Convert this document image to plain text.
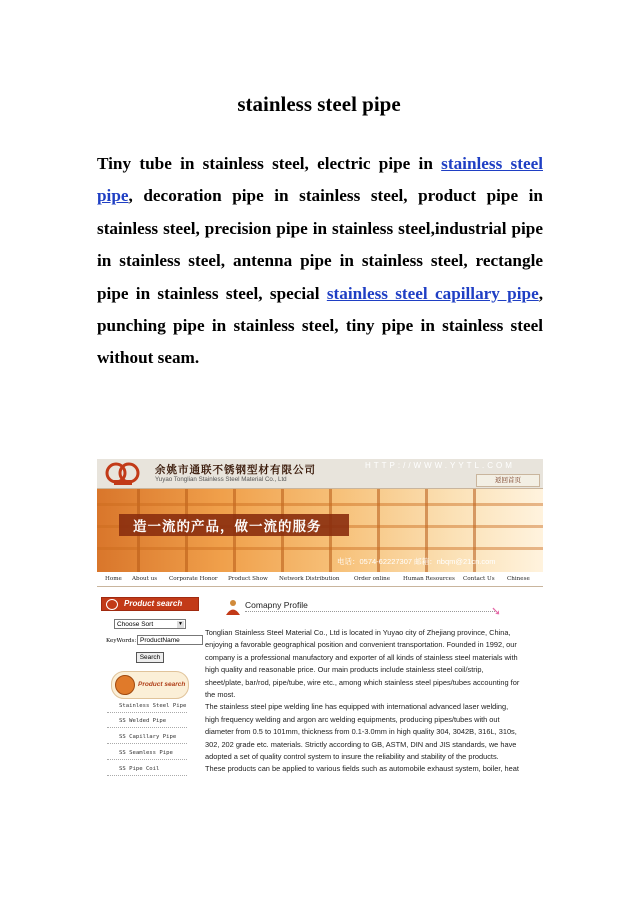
stainless steel pipe
Tiny tube in stainless steel, electric pipe in stainless steel pipe, decoration pipe in stainless steel, product pipe in stainless steel, precision pipe in stainless steel,industrial pipe in stainless steel, antenna pipe in stainless steel, rectangle pipe in stainless steel, special stainless steel capillary pipe, punching pipe in stainless steel, tiny pipe in stainless steel without seam.
余姚市通联不锈钢型材有限公司
Yuyao Tonglian Stainless Steel Material Co., Ltd
HTTP://WWW.YYTL.COM
返回首页
造一流的产品，做一流的服务
电话：0574-62227307 邮箱：nbqm@21cn.com
Home About us Corporate Honor Product Show Network Distribution	Order online Human Resources Contact Us Chinese
Product search
Choose Sort	▼
KeyWords: ProductName
Search
Product search
Stainless Steel Pipe
SS Welded Pipe
SS Capillary Pipe
SS Seamless Pipe
SS Pipe Coil
Comapny Profile	➘
Tonglian Stainless Steel Material Co., Ltd is located in Yuyao city of Zhejiang province, China,
enjoying a favorable geographical position and convenient transportation. Founded in 1992, our
company is a professional manufactory and exporter of all kinds of stainless steel materials with
high quality and reasonable price. Our main products include stainless steel coil/strip,
sheet/plate, bar/rod, pipe/tube, wire etc., among which stainless steel pipes/tubes accounting for
the most.
The stainless steel pipe welding line has equipped with international advanced laser welding,
high frequency welding and argon arc welding equipments, producing pipes/tubes with out
diameter from 0.5 to 101mm, thickness from 0.1-3.0mm in high quality 304, 3042B, 316L, 310s,
302, 202 grade etc. materials. Strictly according to GB, ASTM, DIN and JIS standards, we have
adopted a set of quality control system to insure the reliability and stability of the products.
These products can be applied to various fields such as automobile exhaust system, boiler, heat
